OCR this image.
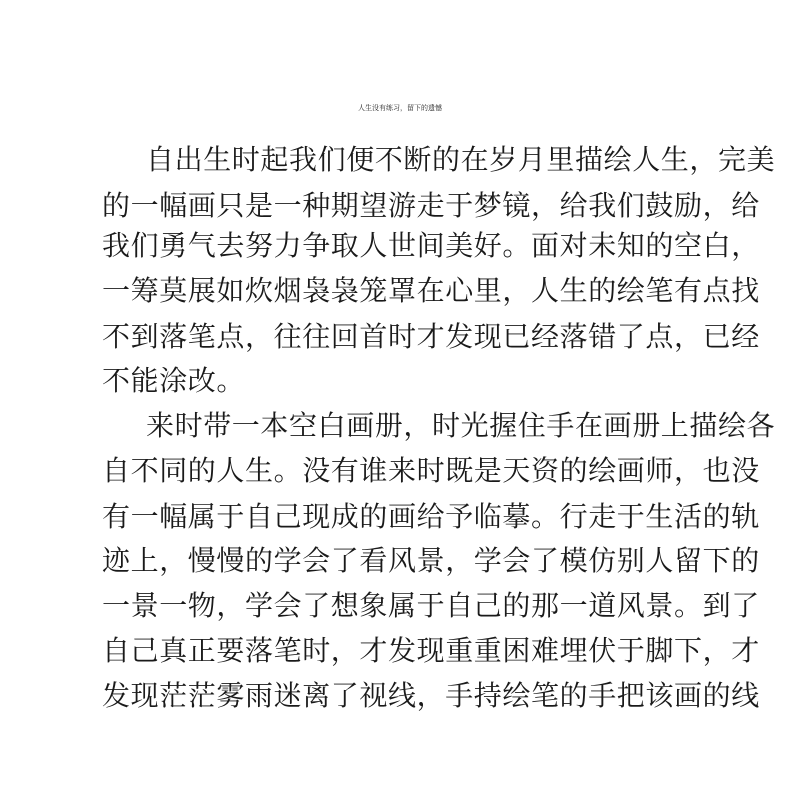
人生没有练习，留下的遗憾
自出生时起我们便不断的在岁月里描绘人生，完美
的一幅画只是一种期望游走于梦镜，给我们鼓励，给
我们勇气去努力争取人世间美好。面对未知的空白，
一筹莫展如炊烟袅袅笼罩在心里，人生的绘笔有点找
不到落笔点，往往回首时才发现已经落错了点，已经
不能涂改。
来时带一本空白画册，时光握住手在画册上描绘各
自不同的人生。没有谁来时既是天资的绘画师，也没
有一幅属于自己现成的画给予临摹。行走于生活的轨
迹上，慢慢的学会了看风景，学会了模仿别人留下的
一景一物，学会了想象属于自己的那一道风景。到了
自己真正要落笔时，才发现重重困难埋伏于脚下，才
发现茫茫雾雨迷离了视线，手持绘笔的手把该画的线
